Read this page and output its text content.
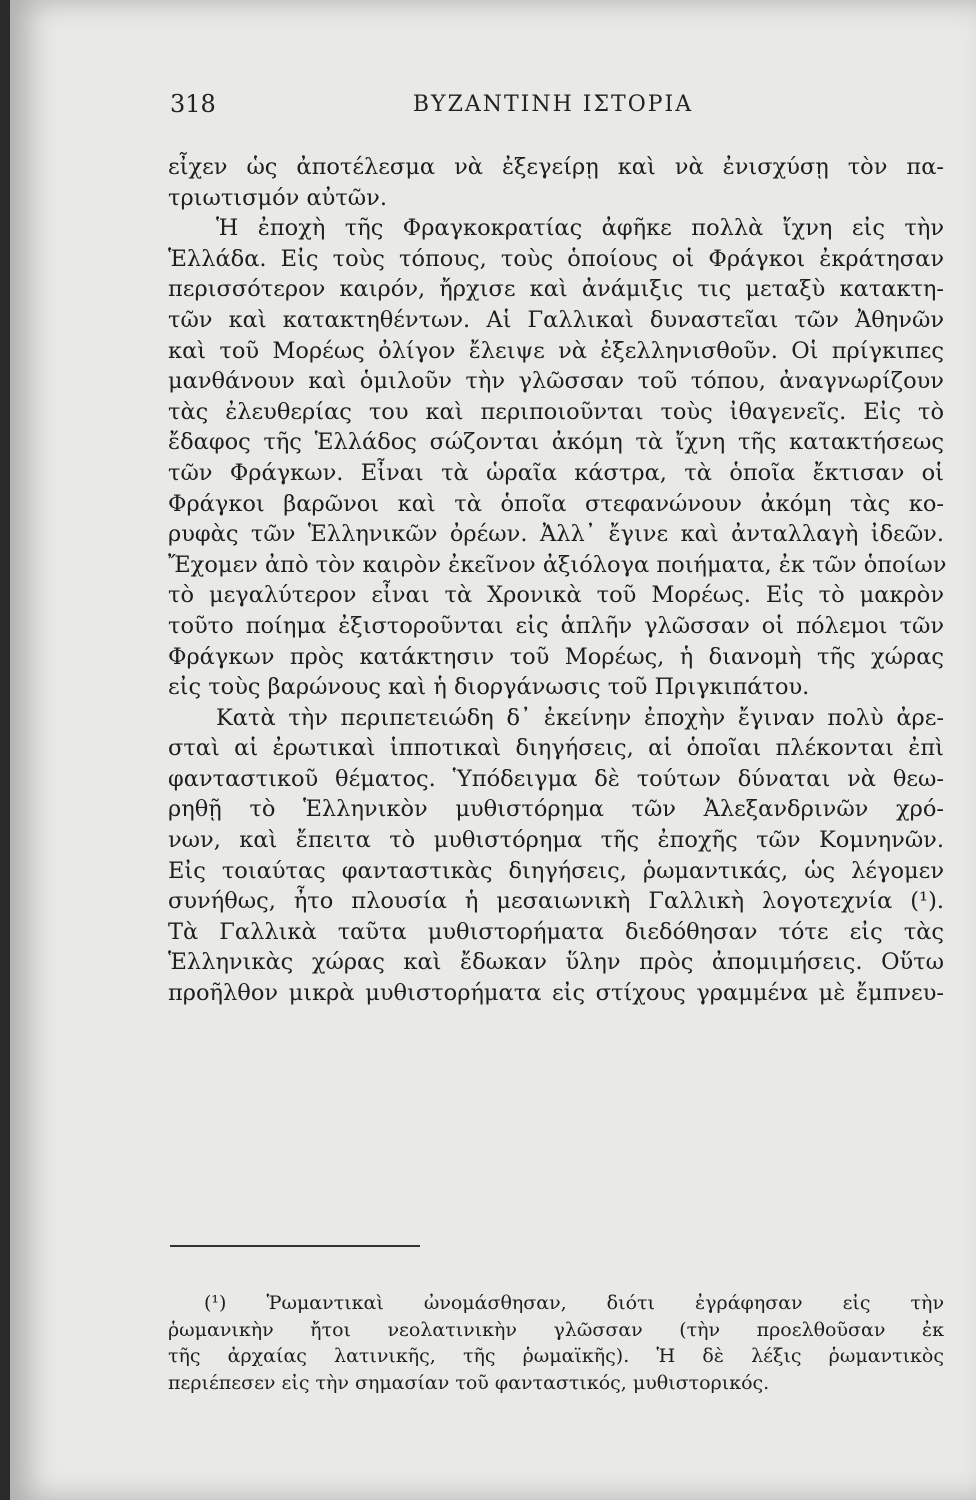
318	ΒΥΖΑΝΤΙΝΗ ΙΣΤΟΡΙΑ
εἶχεν ὡς ἀποτέλεσμα νὰ ἐξεγείρῃ καὶ νὰ ἐνισχύσῃ τὸν πα-
τριωτισμόν αὐτῶν.
Ἡ ἐποχὴ τῆς Φραγκοκρατίας ἀφῆκε πολλὰ ἴχνη εἰς τὴν
Ἑλλάδα. Εἰς τοὺς τόπους, τοὺς ὁποίους οἱ Φράγκοι ἐκράτησαν
περισσότερον καιρόν, ἤρχισε καὶ ἀνάμιξις τις μεταξὺ κατακτη-
τῶν καὶ κατακτηθέντων. Αἱ Γαλλικαὶ δυναστεῖαι τῶν Ἀθηνῶν
καὶ τοῦ Μορέως ὀλίγον ἔλειψε νὰ ἐξελληνισθοῦν. Οἱ πρίγκιπες
μανθάνουν καὶ ὁμιλοῦν τὴν γλῶσσαν τοῦ τόπου, ἀναγνωρίζουν
τὰς ἐλευθερίας του καὶ περιποιοῦνται τοὺς ἰθαγενεῖς. Εἰς τὸ
ἔδαφος τῆς Ἑλλάδος σώζονται ἀκόμη τὰ ἴχνη τῆς κατακτήσεως
τῶν Φράγκων. Εἶναι τὰ ὡραῖα κάστρα, τὰ ὁποῖα ἔκτισαν οἱ
Φράγκοι βαρῶνοι καὶ τὰ ὁποῖα στεφανώνουν ἀκόμη τὰς κο-
ρυφὰς τῶν Ἑλληνικῶν ὀρέων. Ἀλλ᾽ ἔγινε καὶ ἀνταλλαγὴ ἰδεῶν.
Ἔχομεν ἀπὸ τὸν καιρὸν ἐκεῖνον ἀξιόλογα ποιήματα, ἐκ τῶν ὁποίων
τὸ μεγαλύτερον εἶναι τὰ Χρονικὰ τοῦ Μορέως. Εἰς τὸ μακρὸν
τοῦτο ποίημα ἐξιστοροῦνται εἰς ἁπλῆν γλῶσσαν οἱ πόλεμοι τῶν
Φράγκων πρὸς κατάκτησιν τοῦ Μορέως, ἡ διανομὴ τῆς χώρας
εἰς τοὺς βαρώνους καὶ ἡ διοργάνωσις τοῦ Πριγκιπάτου.
Κατὰ τὴν περιπετειώδη δ᾽ ἐκείνην ἐποχὴν ἔγιναν πολὺ ἀρε-
σταὶ αἱ ἐρωτικαὶ ἱπποτικαὶ διηγήσεις, αἱ ὁποῖαι πλέκονται ἐπὶ
φανταστικοῦ θέματος. Ὑπόδειγμα δὲ τούτων δύναται νὰ θεω-
ρηθῇ τὸ Ἑλληνικὸν μυθιστόρημα τῶν Ἀλεξανδρινῶν χρό-
νων, καὶ ἔπειτα τὸ μυθιστόρημα τῆς ἐποχῆς τῶν Κομνηνῶν.
Εἰς τοιαύτας φανταστικὰς διηγήσεις, ῥωμαντικάς, ὡς λέγομεν
συνήθως, ἦτο πλουσία ἡ μεσαιωνικὴ Γαλλικὴ λογοτεχνία (¹).
Τὰ Γαλλικὰ ταῦτα μυθιστορήματα διεδόθησαν τότε εἰς τὰς
Ἑλληνικὰς χώρας καὶ ἔδωκαν ὕλην πρὸς ἀπομιμήσεις. Οὕτω
προῆλθον μικρὰ μυθιστορήματα εἰς στίχους γραμμένα μὲ ἔμπνευ-
(¹) Ῥωμαντικαὶ ὠνομάσθησαν, διότι ἐγράφησαν εἰς τὴν
ῥωμανικὴν ἤτοι νεολατινικὴν γλῶσσαν (τὴν προελθοῦσαν ἐκ
τῆς ἀρχαίας λατινικῆς, τῆς ῥωμαϊκῆς). Ἡ δὲ λέξις ῥωμαντικὸς
περιέπεσεν εἰς τὴν σημασίαν τοῦ φανταστικός, μυθιστορικός.
